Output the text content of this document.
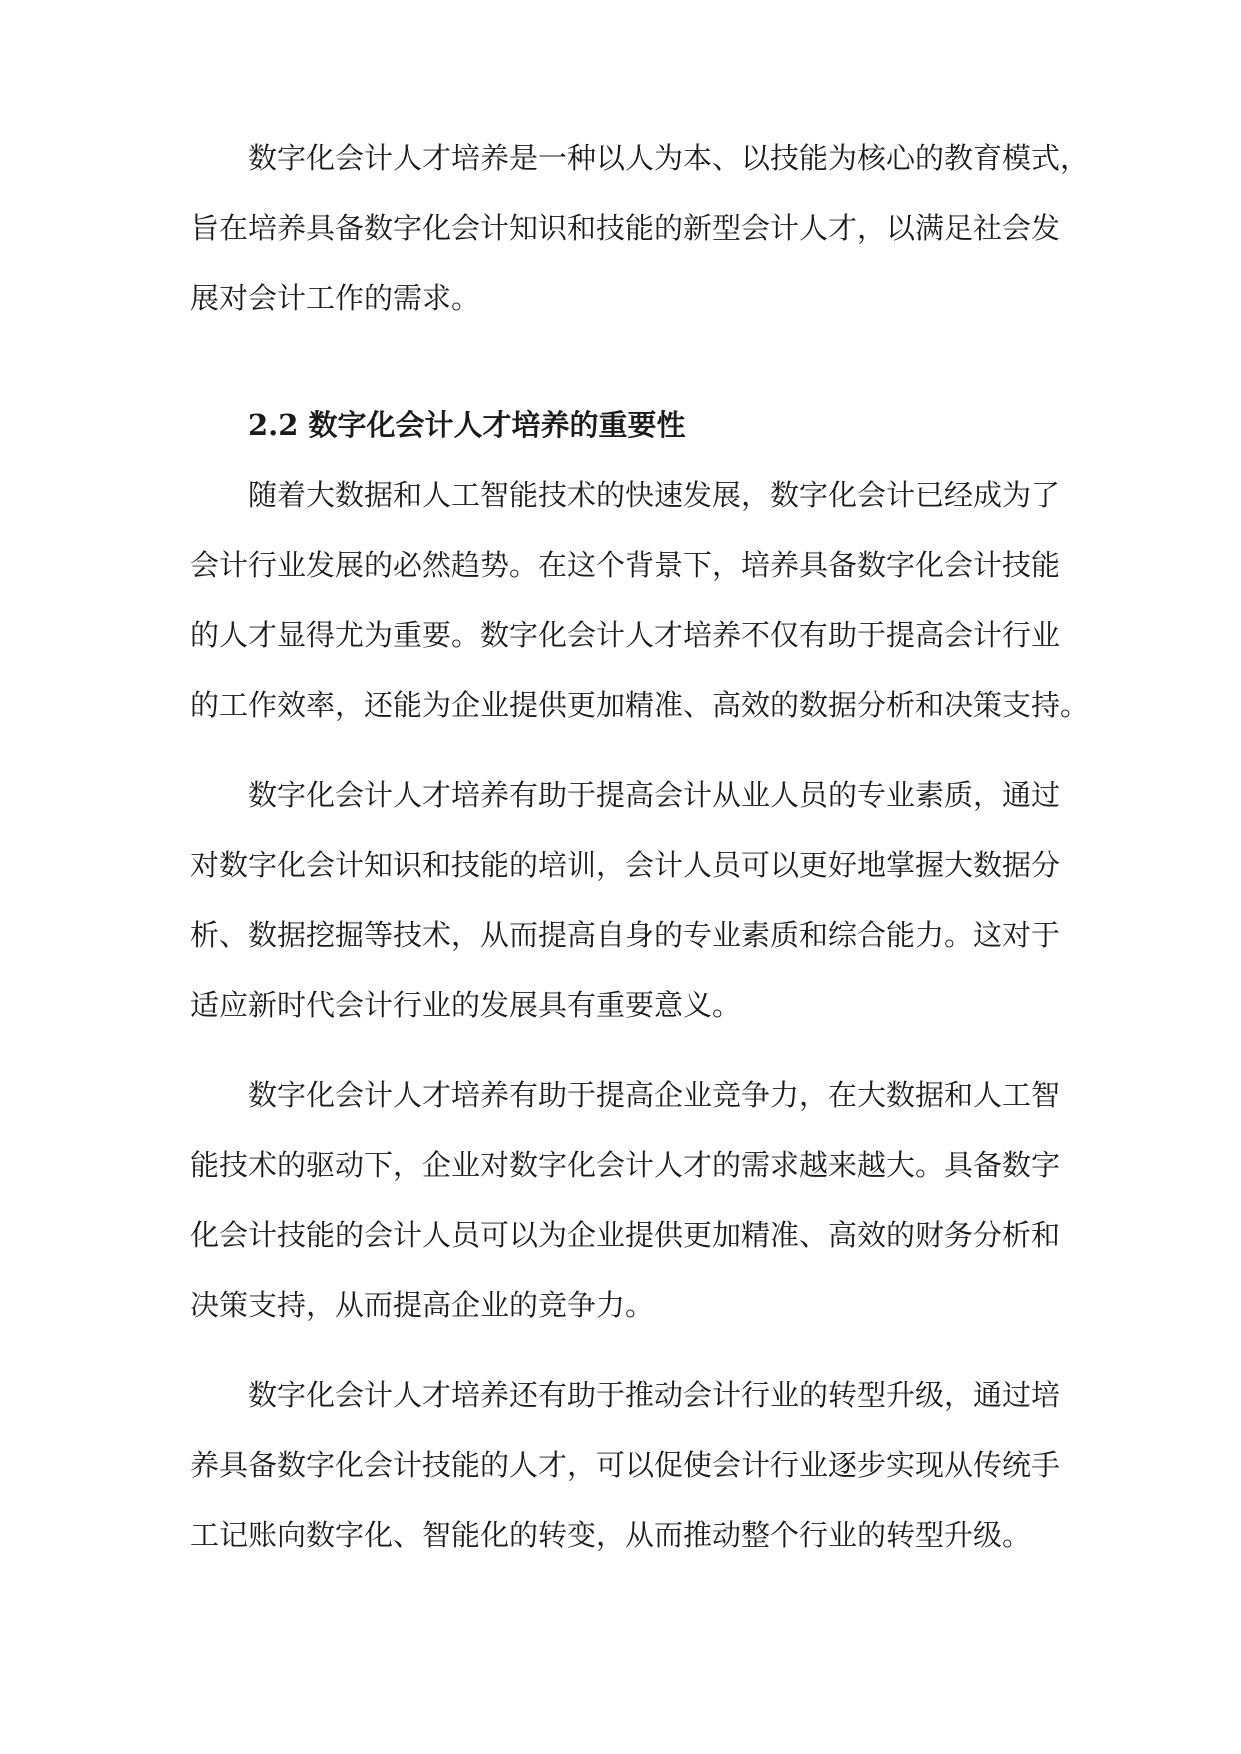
数字化会计人才培养是一种以人为本、以技能为核心的教育模式，

旨在培养具备数字化会计知识和技能的新型会计人才，以满足社会发

展对会计工作的需求。

2.2 数字化会计人才培养的重要性

随着大数据和人工智能技术的快速发展，数字化会计已经成为了

会计行业发展的必然趋势。在这个背景下，培养具备数字化会计技能

的人才显得尤为重要。数字化会计人才培养不仅有助于提高会计行业

的工作效率，还能为企业提供更加精准、高效的数据分析和决策支持。

数字化会计人才培养有助于提高会计从业人员的专业素质，通过

对数字化会计知识和技能的培训，会计人员可以更好地掌握大数据分

析、数据挖掘等技术，从而提高自身的专业素质和综合能力。这对于

适应新时代会计行业的发展具有重要意义。

数字化会计人才培养有助于提高企业竞争力，在大数据和人工智

能技术的驱动下，企业对数字化会计人才的需求越来越大。具备数字

化会计技能的会计人员可以为企业提供更加精准、高效的财务分析和

决策支持，从而提高企业的竞争力。

数字化会计人才培养还有助于推动会计行业的转型升级，通过培

养具备数字化会计技能的人才，可以促使会计行业逐步实现从传统手

工记账向数字化、智能化的转变，从而推动整个行业的转型升级。
